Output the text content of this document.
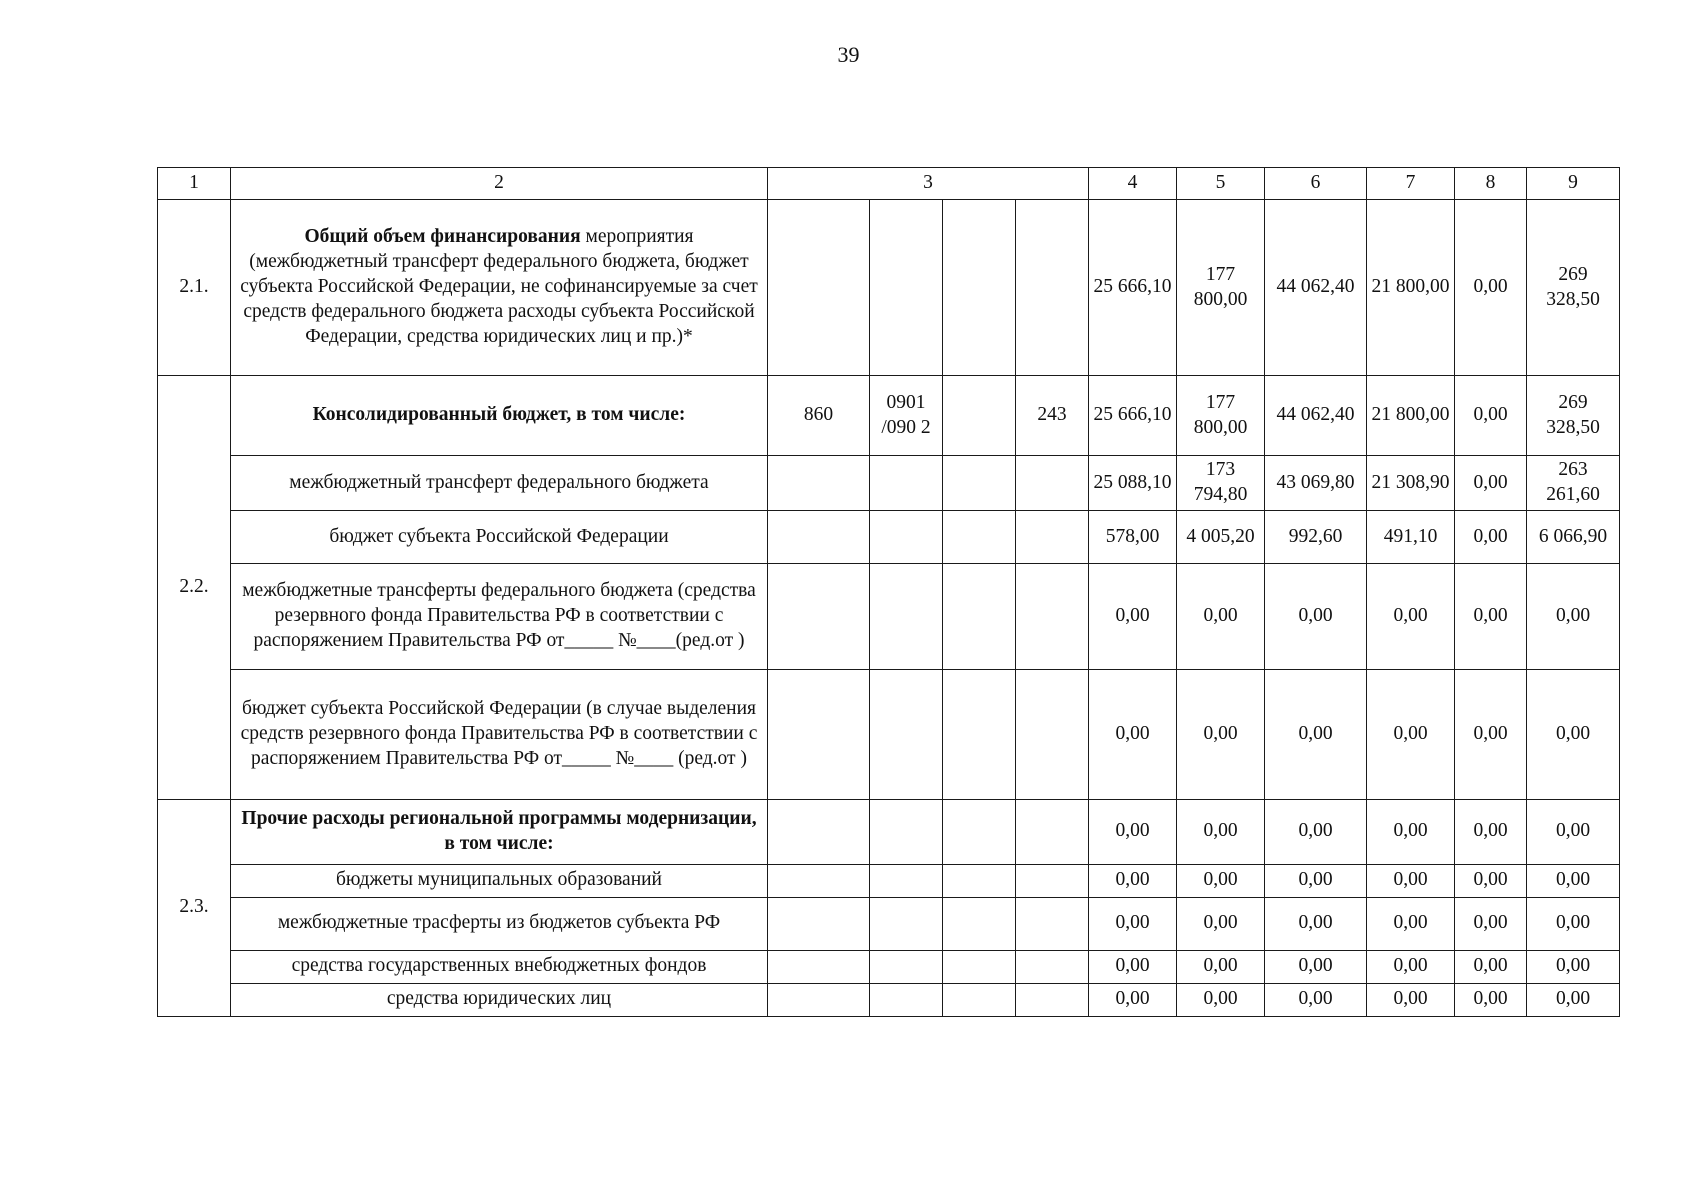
39
1	2	3				4	5	6	7	8	9
2.1.	Общий объем финансирования мероприятия (межбюджетный трансферт федерального бюджета, бюджет субъекта Российской Федерации, не софинансируемые за счет средств федерального бюджета расходы субъекта Российской Федерации, средства юридических лиц и пр.)*					25 666,10	177 800,00	44 062,40	21 800,00	0,00	269 328,50
2.2.	Консолидированный бюджет, в том числе:	860	0901 /090 2		243	25 666,10	177 800,00	44 062,40	21 800,00	0,00	269 328,50
	межбюджетный трансферт федерального бюджета					25 088,10	173 794,80	43 069,80	21 308,90	0,00	263 261,60
	бюджет субъекта Российской Федерации					578,00	4 005,20	992,60	491,10	0,00	6 066,90
	межбюджетные трансферты федерального бюджета (средства резервного фонда Правительства РФ в соответствии с распоряжением Правительства РФ от_____ №____(ред.от )					0,00	0,00	0,00	0,00	0,00	0,00
	бюджет субъекта Российской Федерации (в случае выделения средств резервного фонда Правительства РФ в соответствии с распоряжением Правительства РФ от_____ №____ (ред.от )					0,00	0,00	0,00	0,00	0,00	0,00
2.3.	Прочие расходы региональной программы модернизации, в том числе:					0,00	0,00	0,00	0,00	0,00	0,00
	бюджеты муниципальных образований					0,00	0,00	0,00	0,00	0,00	0,00
	межбюджетные трасферты из бюджетов субъекта РФ					0,00	0,00	0,00	0,00	0,00	0,00
	средства государственных внебюджетных фондов					0,00	0,00	0,00	0,00	0,00	0,00
	средства юридических лиц					0,00	0,00	0,00	0,00	0,00	0,00
